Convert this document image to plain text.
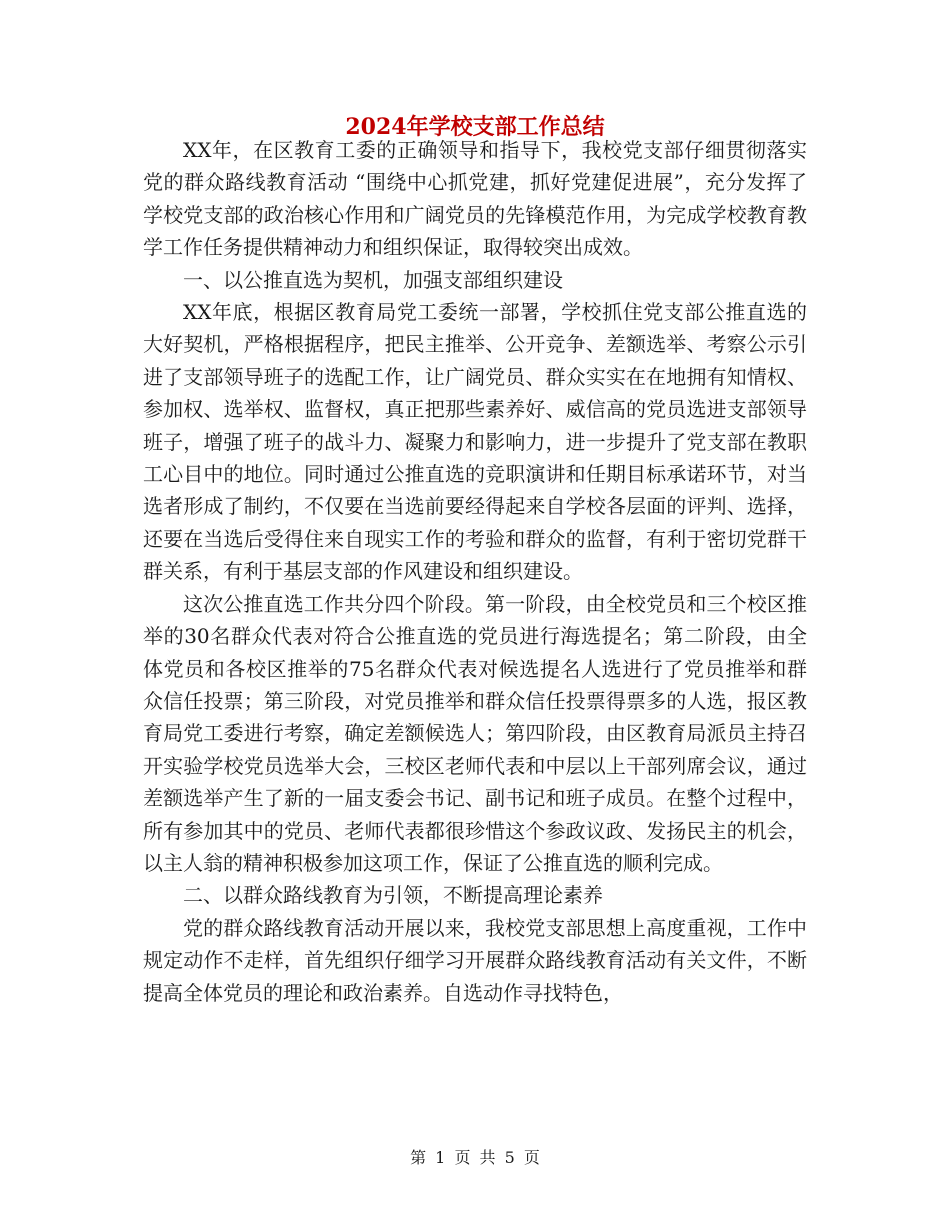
2024年学校支部工作总结

XX年，在区教育工委的正确领导和指导下，我校党支部仔细贯彻落实党的群众路线教育活动 “围绕中心抓党建，抓好党建促进展”，充分发挥了学校党支部的政治核心作用和广阔党员的先锋模范作用，为完成学校教育教学工作任务提供精神动力和组织保证，取得较突出成效。

一、以公推直选为契机，加强支部组织建设

XX年底，根据区教育局党工委统一部署，学校抓住党支部公推直选的大好契机，严格根据程序，把民主推举、公开竞争、差额选举、考察公示引进了支部领导班子的选配工作，让广阔党员、群众实实在在地拥有知情权、参加权、选举权、监督权，真正把那些素养好、威信高的党员选进支部领导班子，增强了班子的战斗力、凝聚力和影响力，进一步提升了党支部在教职工心目中的地位。同时通过公推直选的竞职演讲和任期目标承诺环节，对当选者形成了制约，不仅要在当选前要经得起来自学校各层面的评判、选择，还要在当选后受得住来自现实工作的考验和群众的监督，有利于密切党群干群关系，有利于基层支部的作风建设和组织建设。

这次公推直选工作共分四个阶段。第一阶段，由全校党员和三个校区推举的30名群众代表对符合公推直选的党员进行海选提名；第二阶段，由全体党员和各校区推举的75名群众代表对候选提名人选进行了党员推举和群众信任投票；第三阶段，对党员推举和群众信任投票得票多的人选，报区教育局党工委进行考察，确定差额候选人；第四阶段，由区教育局派员主持召开实验学校党员选举大会，三校区老师代表和中层以上干部列席会议，通过差额选举产生了新的一届支委会书记、副书记和班子成员。在整个过程中，所有参加其中的党员、老师代表都很珍惜这个参政议政、发扬民主的机会，以主人翁的精神积极参加这项工作，保证了公推直选的顺利完成。

二、以群众路线教育为引领，不断提高理论素养

党的群众路线教育活动开展以来，我校党支部思想上高度重视，工作中规定动作不走样，首先组织仔细学习开展群众路线教育活动有关文件，不断提高全体党员的理论和政治素养。自选动作寻找特色，

第 1 页 共 5 页
